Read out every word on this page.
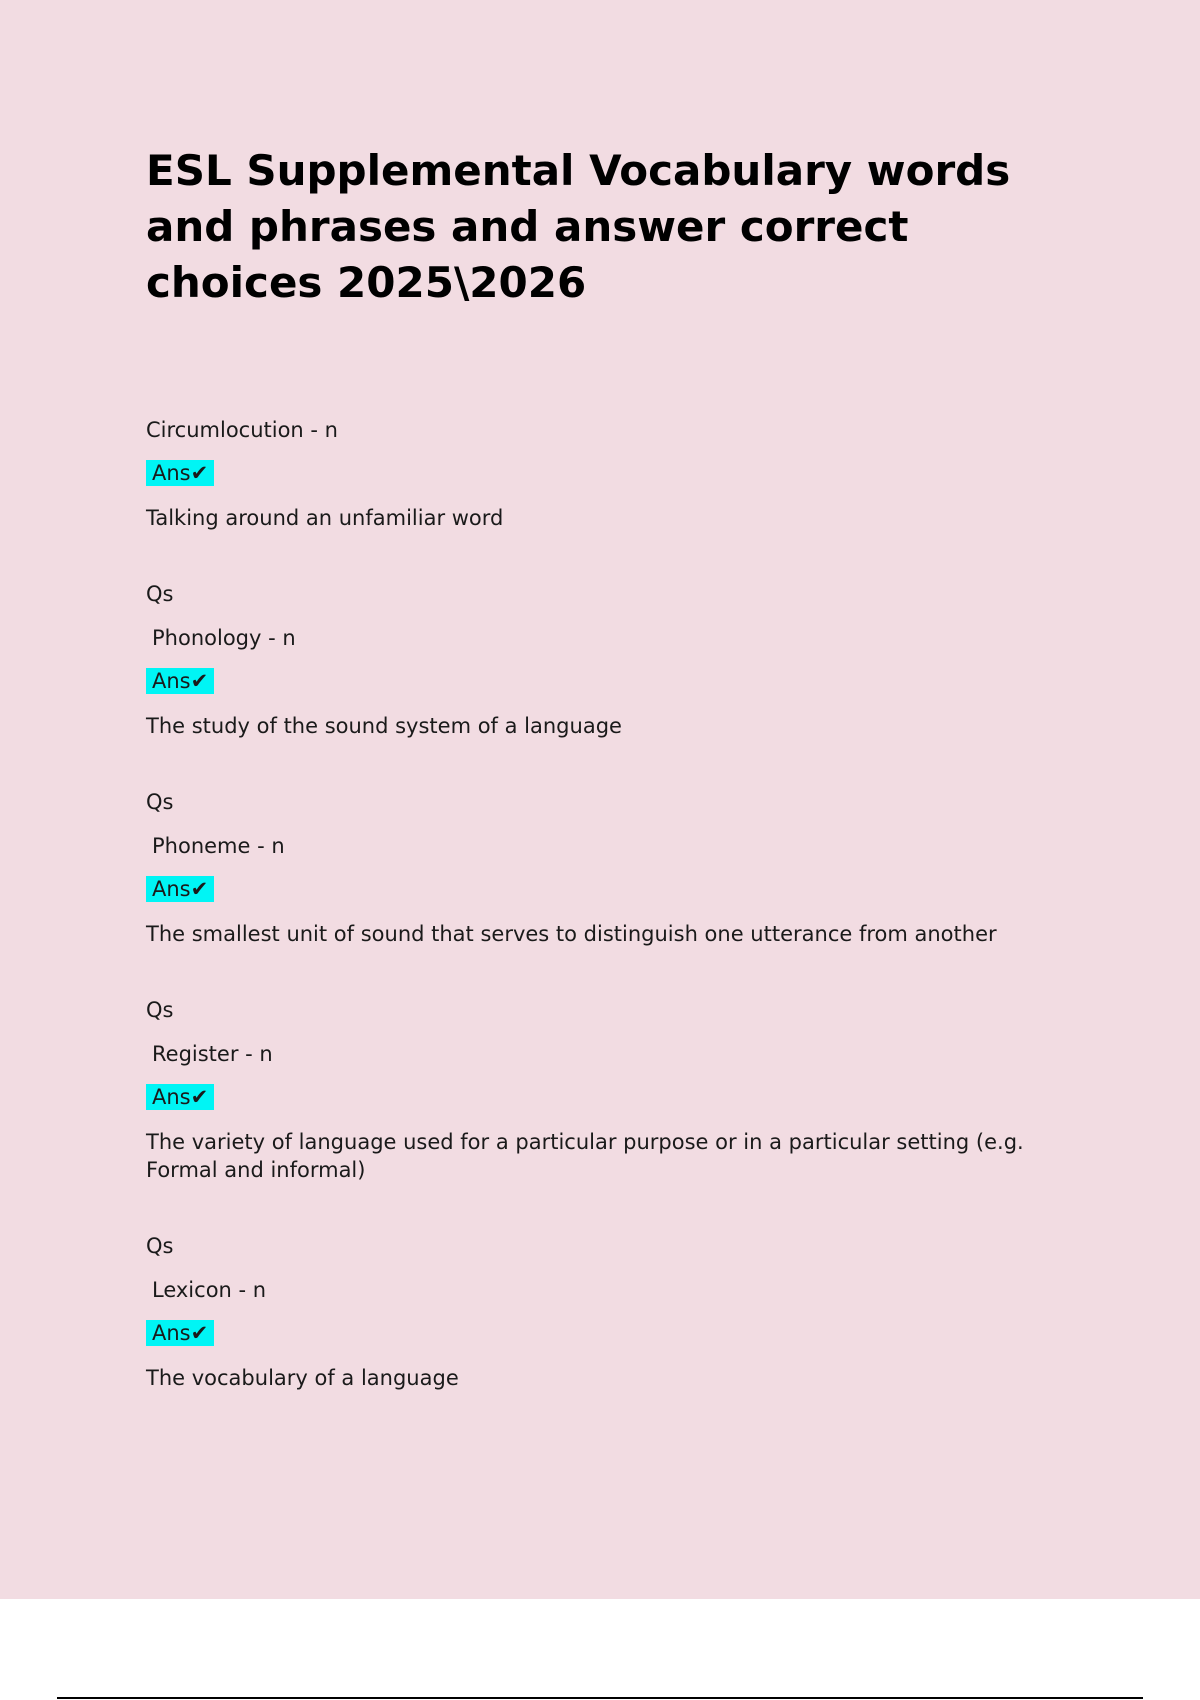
ESL Supplemental Vocabulary words and phrases and answer correct choices 2025\2026

Circumlocution - n

Ans✔

Talking around an unfamiliar word

Qs

Phonology - n

Ans✔

The study of the sound system of a language

Qs

Phoneme - n

Ans✔

The smallest unit of sound that serves to distinguish one utterance from another

Qs

Register - n

Ans✔

The variety of language used for a particular purpose or in a particular setting (e.g. Formal and informal)

Qs

Lexicon - n

Ans✔

The vocabulary of a language
